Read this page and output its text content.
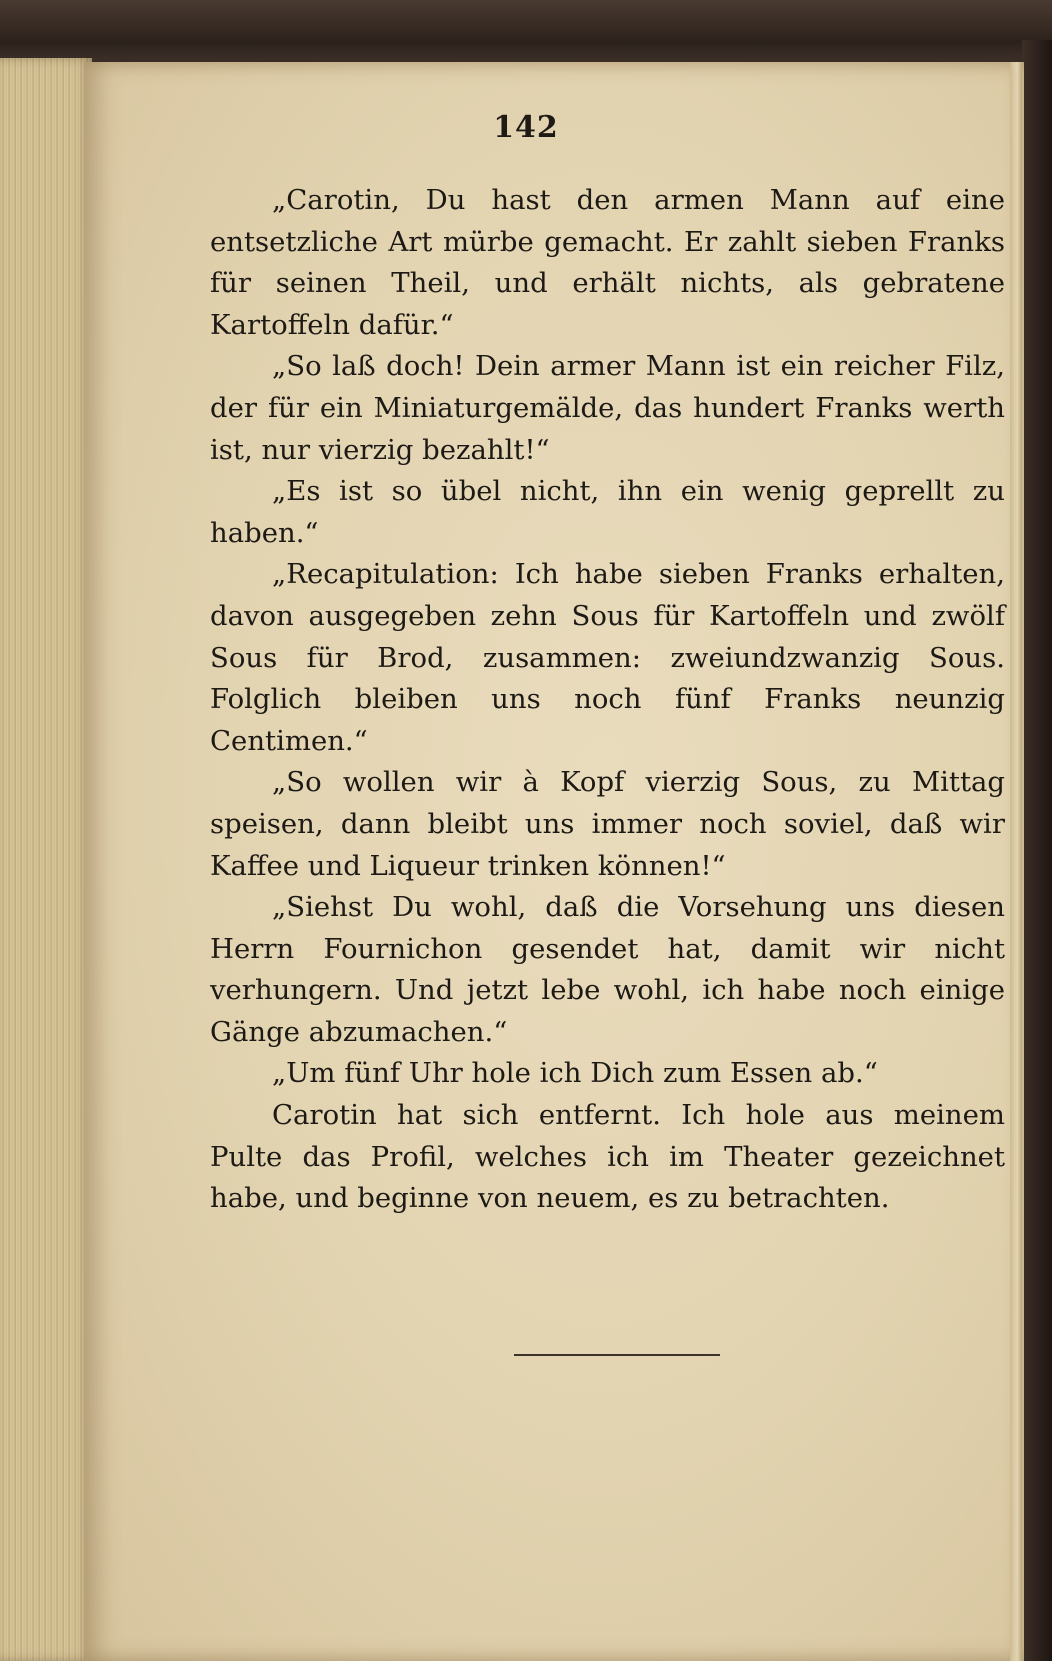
142

„Carotin, Du hast den armen Mann auf eine entsetzliche Art mürbe gemacht. Er zahlt sieben Franks für seinen Theil, und erhält nichts, als gebratene Kartoffeln dafür.“

„So laß doch! Dein armer Mann ist ein reicher Filz, der für ein Miniaturgemälde, das hundert Franks werth ist, nur vierzig bezahlt!“

„Es ist so übel nicht, ihn ein wenig geprellt zu haben.“

„Recapitulation: Ich habe sieben Franks erhalten, davon ausgegeben zehn Sous für Kartoffeln und zwölf Sous für Brod, zusammen: zweiundzwanzig Sous. Folglich bleiben uns noch fünf Franks neunzig Centimen.“

„So wollen wir à Kopf vierzig Sous, zu Mittag speisen, dann bleibt uns immer noch soviel, daß wir Kaffee und Liqueur trinken können!“

„Siehst Du wohl, daß die Vorsehung uns diesen Herrn Fournichon gesendet hat, damit wir nicht verhungern. Und jetzt lebe wohl, ich habe noch einige Gänge abzumachen.“

„Um fünf Uhr hole ich Dich zum Essen ab.“

Carotin hat sich entfernt. Ich hole aus meinem Pulte das Profil, welches ich im Theater gezeichnet habe, und beginne von neuem, es zu betrachten.
